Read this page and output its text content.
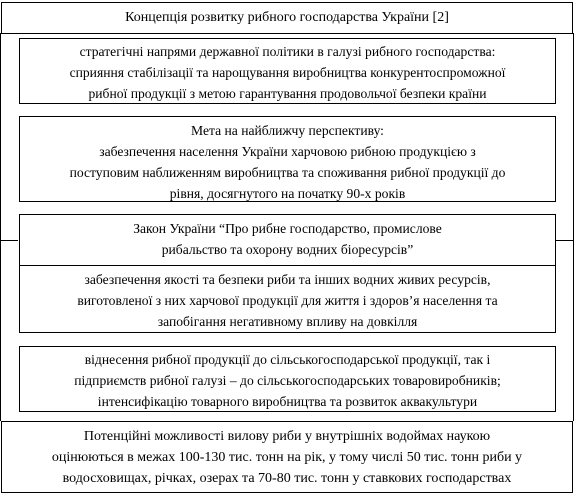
Концепція розвитку рибного господарства України [2]
стратегічні напрями державної політики в галузі рибного господарства:
сприяння стабілізації та нарощування виробництва конкурентоспроможної
рибної продукції з метою гарантування продовольчої безпеки країни
Мета на найближчу перспективу:
забезпечення населення України харчовою рибною продукцією з
поступовим наближенням виробництва та споживання рибної продукції до
рівня, досягнутого на початку 90-х років
Закон України “Про рибне господарство, промислове
рибальство та охорону водних біоресурсів”
забезпечення якості та безпеки риби та інших водних живих ресурсів,
виготовленої з них харчової продукції для життя і здоров’я населення та
запобігання негативному впливу на довкілля
віднесення рибної продукції до сільськогосподарської продукції, так і
підприємств рибної галузі – до сільськогосподарських товаровиробників;
інтенсифікацію товарного виробництва та розвиток аквакультури
Потенційні можливості вилову риби у внутрішніх водоймах наукою
оцінюються в межах 100-130 тис. тонн на рік, у тому числі 50 тис. тонн риби у
водосховищах, річках, озерах та 70-80 тис. тонн у ставкових господарствах
